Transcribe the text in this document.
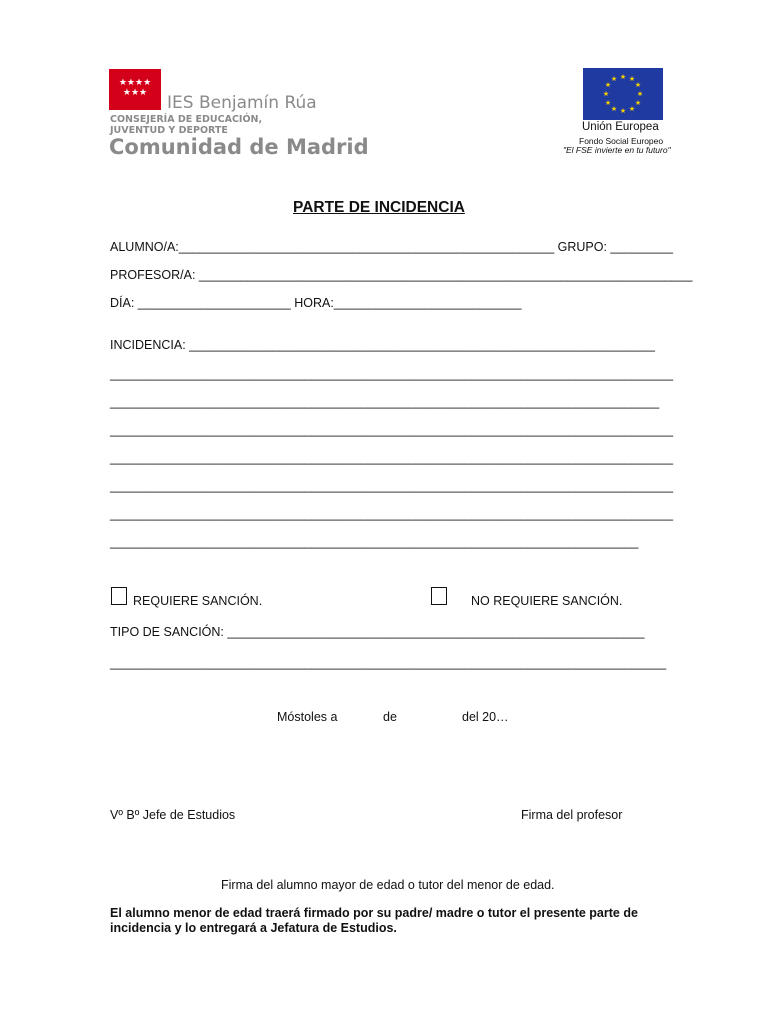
★★★★
★★★	IES Benjamín Rúa
CONSEJERÍA DE EDUCACIÓN,
JUVENTUD Y DEPORTE
Comunidad de Madrid
★ ★
★
★
★
★
★
★
★
★
★
★
Unión Europea
Fondo Social Europeo
"El FSE invierte en tu futuro"
PARTE DE INCIDENCIA
ALUMNO/A:______________________________________________________ GRUPO: _________
PROFESOR/A: _______________________________________________________________________
DÍA: ______________________ HORA:___________________________
INCIDENCIA: ___________________________________________________________________
_________________________________________________________________________________
_______________________________________________________________________________
_________________________________________________________________________________
_________________________________________________________________________________
_________________________________________________________________________________
_________________________________________________________________________________
____________________________________________________________________________
REQUIERE SANCIÓN.	NO REQUIERE SANCIÓN.
TIPO DE SANCIÓN: ____________________________________________________________
________________________________________________________________________________
Móstoles a	de	del 20…
Vº Bº Jefe de Estudios	Firma del profesor
Firma del alumno mayor de edad o tutor del menor de edad.
El alumno menor de edad traerá firmado por su padre/ madre o tutor el presente parte de
incidencia y lo entregará a Jefatura de Estudios.
